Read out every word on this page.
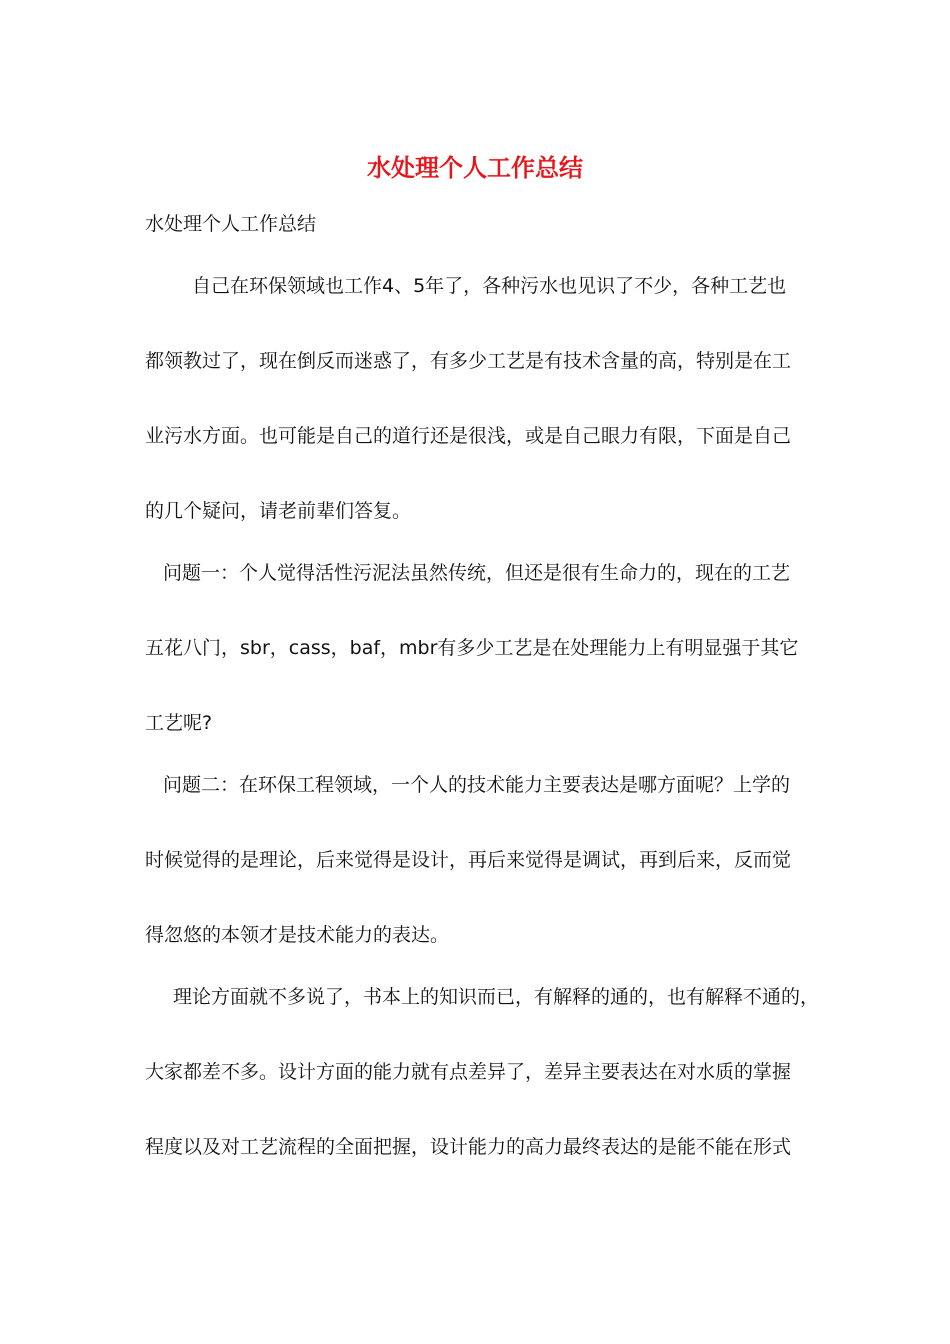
水处理个人工作总结
水处理个人工作总结
自己在环保领域也工作4、5年了，各种污水也见识了不少，各种工艺也
都领教过了，现在倒反而迷惑了，有多少工艺是有技术含量的高，特别是在工
业污水方面。也可能是自己的道行还是很浅，或是自己眼力有限，下面是自己
的几个疑问，请老前辈们答复。
问题一：个人觉得活性污泥法虽然传统，但还是很有生命力的，现在的工艺
五花八门，sbr，cass，baf，mbr有多少工艺是在处理能力上有明显强于其它
工艺呢?
问题二：在环保工程领域，一个人的技术能力主要表达是哪方面呢？上学的
时候觉得的是理论，后来觉得是设计，再后来觉得是调试，再到后来，反而觉
得忽悠的本领才是技术能力的表达。
理论方面就不多说了，书本上的知识而已，有解释的通的，也有解释不通的，
大家都差不多。设计方面的能力就有点差异了，差异主要表达在对水质的掌握
程度以及对工艺流程的全面把握，设计能力的高力最终表达的是能不能在形式
